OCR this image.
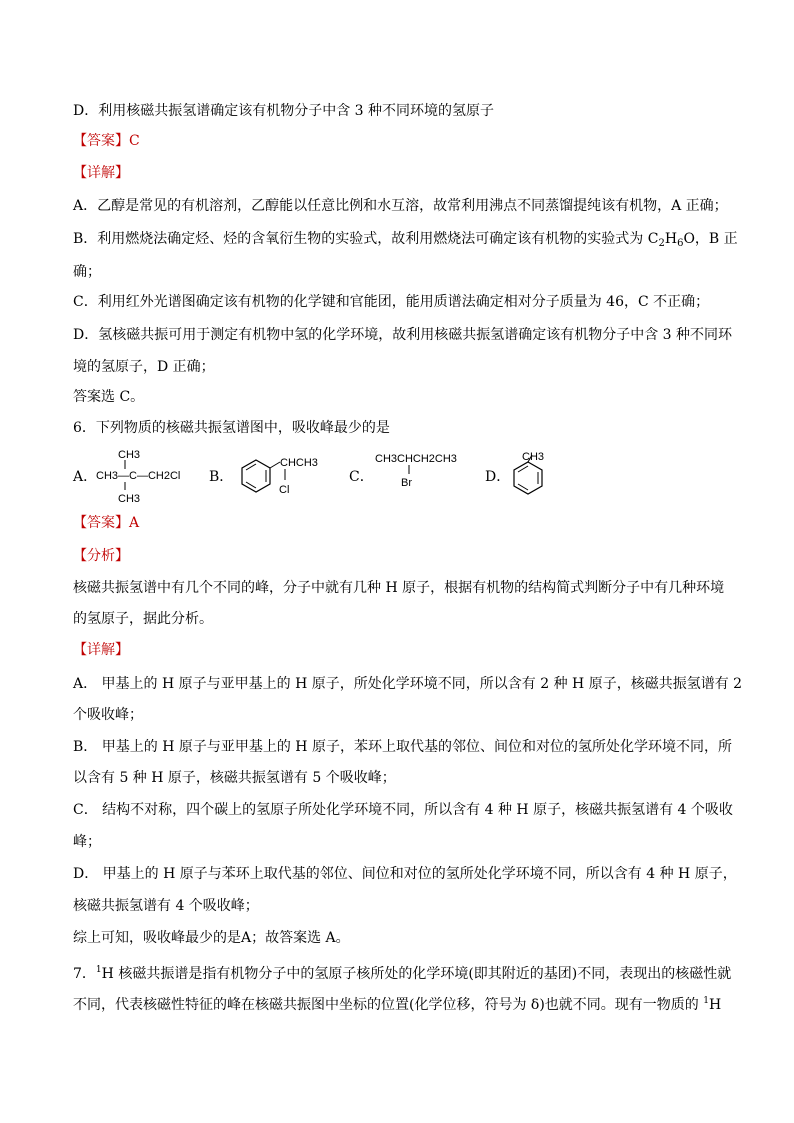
D．利用核磁共振氢谱确定该有机物分子中含 3 种不同环境的氢原子
【答案】C
【详解】
A．乙醇是常见的有机溶剂，乙醇能以任意比例和水互溶，故常利用沸点不同蒸馏提纯该有机物，A 正确；
B．利用燃烧法确定烃、烃的含氧衍生物的实验式，故利用燃烧法可确定该有机物的实验式为 $C_2H_6O$，B 正
确；
C．利用红外光谱图确定该有机物的化学键和官能团，能用质谱法确定相对分子质量为 46，C 不正确；
D．氢核磁共振可用于测定有机物中氢的化学环境，故利用核磁共振氢谱确定该有机物分子中含 3 种不同环
境的氢原子，D 正确；
答案选 C。
6．下列物质的核磁共振氢谱图中，吸收峰最少的是
A．
CH3
CH3—C—CH2Cl
CH3
B．
CHCH3
Cl
C．
CH3CHCH2CH3
Br	D．
CH3
【答案】A
【分析】
核磁共振氢谱中有几个不同的峰，分子中就有几种 H 原子，根据有机物的结构简式判断分子中有几种环境
的氢原子，据此分析。
【详解】
A． 甲基上的 H 原子与亚甲基上的 H 原子，所处化学环境不同，所以含有 2 种 H 原子，核磁共振氢谱有 2
个吸收峰；
B． 甲基上的 H 原子与亚甲基上的 H 原子，苯环上取代基的邻位、间位和对位的氢所处化学环境不同，所
以含有 5 种 H 原子，核磁共振氢谱有 5 个吸收峰；
C． 结构不对称，四个碳上的氢原子所处化学环境不同，所以含有 4 种 H 原子，核磁共振氢谱有 4 个吸收
峰；
D． 甲基上的 H 原子与苯环上取代基的邻位、间位和对位的氢所处化学环境不同，所以含有 4 种 H 原子，
核磁共振氢谱有 4 个吸收峰；
综上可知，吸收峰最少的是A；故答案选 A。
7．$^1$H 核磁共振谱是指有机物分子中的氢原子核所处的化学环境(即其附近的基团)不同，表现出的核磁性就
不同，代表核磁性特征的峰在核磁共振图中坐标的位置(化学位移，符号为 δ)也就不同。现有一物质的 $^1$H
